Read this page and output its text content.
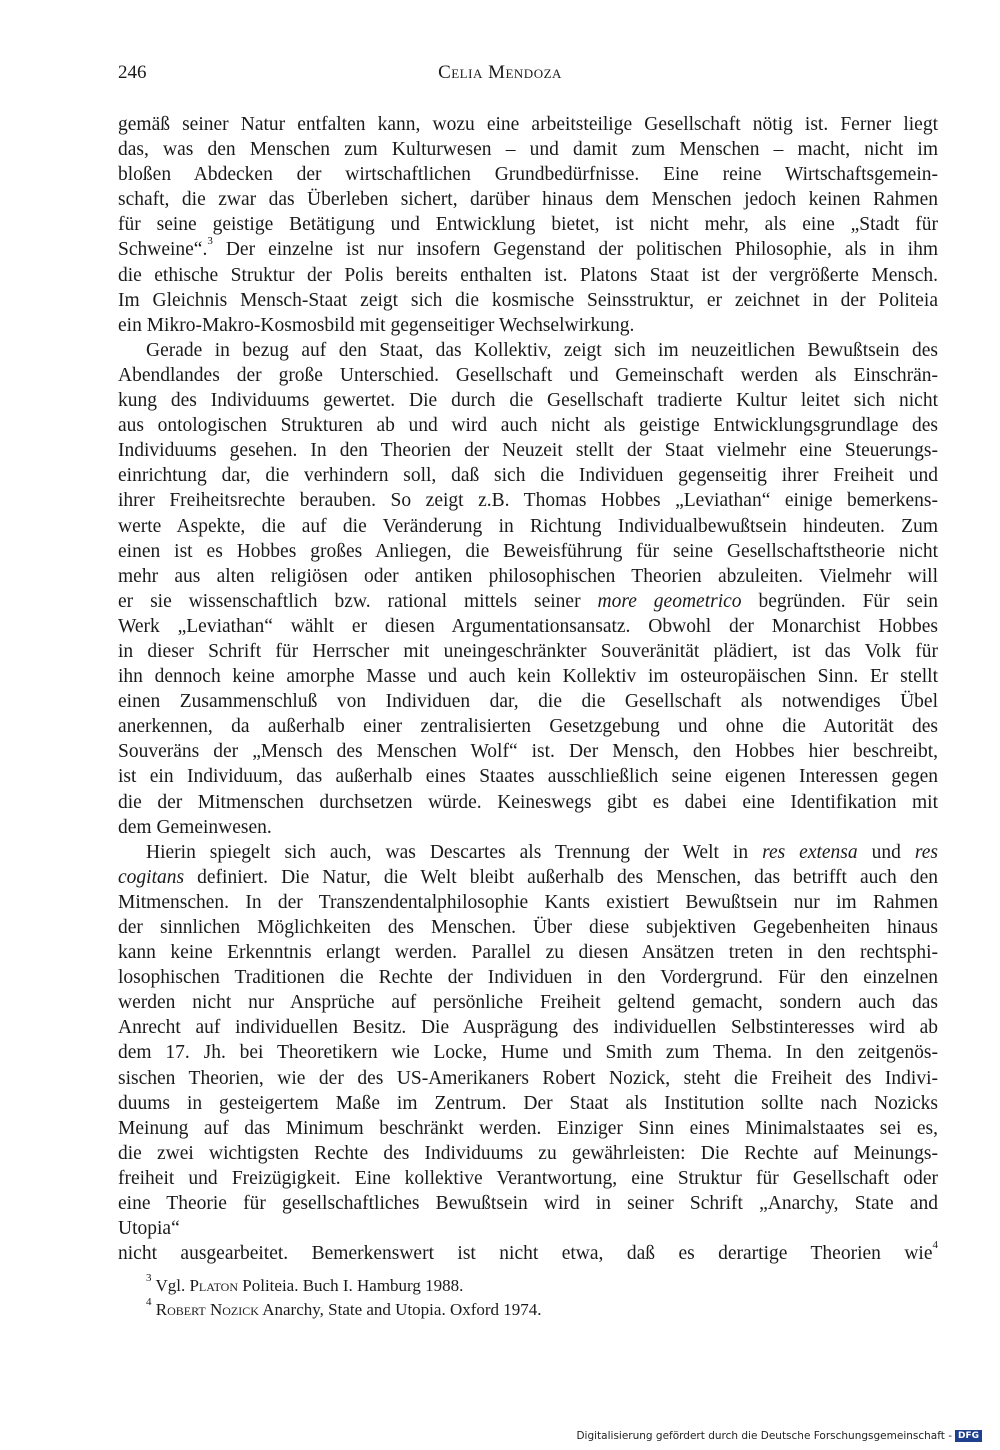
246	Celia Mendoza
gemäß seiner Natur entfalten kann, wozu eine arbeitsteilige Gesellschaft nötig ist. Ferner liegt
das, was den Menschen zum Kulturwesen – und damit zum Menschen – macht, nicht im
bloßen Abdecken der wirtschaftlichen Grundbedürfnisse. Eine reine Wirtschaftsgemein-
schaft, die zwar das Überleben sichert, darüber hinaus dem Menschen jedoch keinen Rahmen
für seine geistige Betätigung und Entwicklung bietet, ist nicht mehr, als eine „Stadt für
Schweine“.$^3$ Der einzelne ist nur insofern Gegenstand der politischen Philosophie, als in ihm
die ethische Struktur der Polis bereits enthalten ist. Platons Staat ist der vergrößerte Mensch.
Im Gleichnis Mensch-Staat zeigt sich die kosmische Seinsstruktur, er zeichnet in der Politeia
ein Mikro-Makro-Kosmosbild mit gegenseitiger Wechselwirkung.
Gerade in bezug auf den Staat, das Kollektiv, zeigt sich im neuzeitlichen Bewußtsein des
Abendlandes der große Unterschied. Gesellschaft und Gemeinschaft werden als Einschrän-
kung des Individuums gewertet. Die durch die Gesellschaft tradierte Kultur leitet sich nicht
aus ontologischen Strukturen ab und wird auch nicht als geistige Entwicklungsgrundlage des
Individuums gesehen. In den Theorien der Neuzeit stellt der Staat vielmehr eine Steuerungs-
einrichtung dar, die verhindern soll, daß sich die Individuen gegenseitig ihrer Freiheit und
ihrer Freiheitsrechte berauben. So zeigt z.B. Thomas Hobbes „Leviathan“ einige bemerkens-
werte Aspekte, die auf die Veränderung in Richtung Individualbewußtsein hindeuten. Zum
einen ist es Hobbes großes Anliegen, die Beweisführung für seine Gesellschaftstheorie nicht
mehr aus alten religiösen oder antiken philosophischen Theorien abzuleiten. Vielmehr will
er sie wissenschaftlich bzw. rational mittels seiner more geometrico begründen. Für sein
Werk „Leviathan“ wählt er diesen Argumentationsansatz. Obwohl der Monarchist Hobbes
in dieser Schrift für Herrscher mit uneingeschränkter Souveränität plädiert, ist das Volk für
ihn dennoch keine amorphe Masse und auch kein Kollektiv im osteuropäischen Sinn. Er stellt
einen Zusammenschluß von Individuen dar, die die Gesellschaft als notwendiges Übel
anerkennen, da außerhalb einer zentralisierten Gesetzgebung und ohne die Autorität des
Souveräns der „Mensch des Menschen Wolf“ ist. Der Mensch, den Hobbes hier beschreibt,
ist ein Individuum, das außerhalb eines Staates ausschließlich seine eigenen Interessen gegen
die der Mitmenschen durchsetzen würde. Keineswegs gibt es dabei eine Identifikation mit
dem Gemeinwesen.
Hierin spiegelt sich auch, was Descartes als Trennung der Welt in res extensa und res
cogitans definiert. Die Natur, die Welt bleibt außerhalb des Menschen, das betrifft auch den
Mitmenschen. In der Transzendentalphilosophie Kants existiert Bewußtsein nur im Rahmen
der sinnlichen Möglichkeiten des Menschen. Über diese subjektiven Gegebenheiten hinaus
kann keine Erkenntnis erlangt werden. Parallel zu diesen Ansätzen treten in den rechtsphi-
losophischen Traditionen die Rechte der Individuen in den Vordergrund. Für den einzelnen
werden nicht nur Ansprüche auf persönliche Freiheit geltend gemacht, sondern auch das
Anrecht auf individuellen Besitz. Die Ausprägung des individuellen Selbstinteresses wird ab
dem 17. Jh. bei Theoretikern wie Locke, Hume und Smith zum Thema. In den zeitgenös-
sischen Theorien, wie der des US-Amerikaners Robert Nozick, steht die Freiheit des Indivi-
duums in gesteigertem Maße im Zentrum. Der Staat als Institution sollte nach Nozicks
Meinung auf das Minimum beschränkt werden. Einziger Sinn eines Minimalstaates sei es,
die zwei wichtigsten Rechte des Individuums zu gewährleisten: Die Rechte auf Meinungs-
freiheit und Freizügigkeit. Eine kollektive Verantwortung, eine Struktur für Gesellschaft oder
eine Theorie für gesellschaftliches Bewußtsein wird in seiner Schrift „Anarchy, State and
Utopia“
nicht ausgearbeitet. Bemerkenswert ist nicht etwa, daß es derartige Theorien wie$^4$
$^3$ Vgl. Platon Politeia. Buch I. Hamburg 1988.
$^4$ Robert Nozick Anarchy, State and Utopia. Oxford 1974.
Digitalisierung gefördert durch die Deutsche Forschungsgemeinschaft - DFG
